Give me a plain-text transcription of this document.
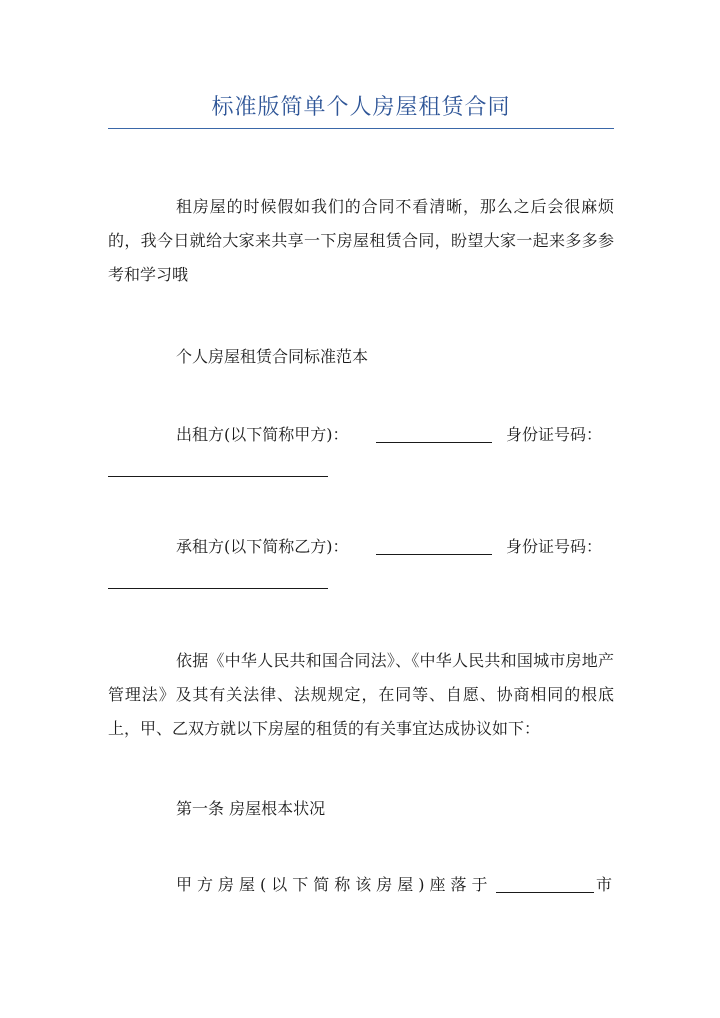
标准版简单个人房屋租赁合同
租房屋的时候假如我们的合同不看清晰，那么之后会很麻烦的，我今日就给大家来共享一下房屋租赁合同，盼望大家一起来多多参考和学习哦
个人房屋租赁合同标准范本
出租方(以下简称甲方)：	身份证号码：
承租方(以下简称乙方)：	身份证号码：
依据《中华人民共和国合同法》、《中华人民共和国城市房地产管理法》及其有关法律、法规规定，在同等、自愿、协商相同的根底上，甲、乙双方就以下房屋的租赁的有关事宜达成协议如下：
第一条 房屋根本状况
甲方房屋(以下简称该房屋)座落于	市
